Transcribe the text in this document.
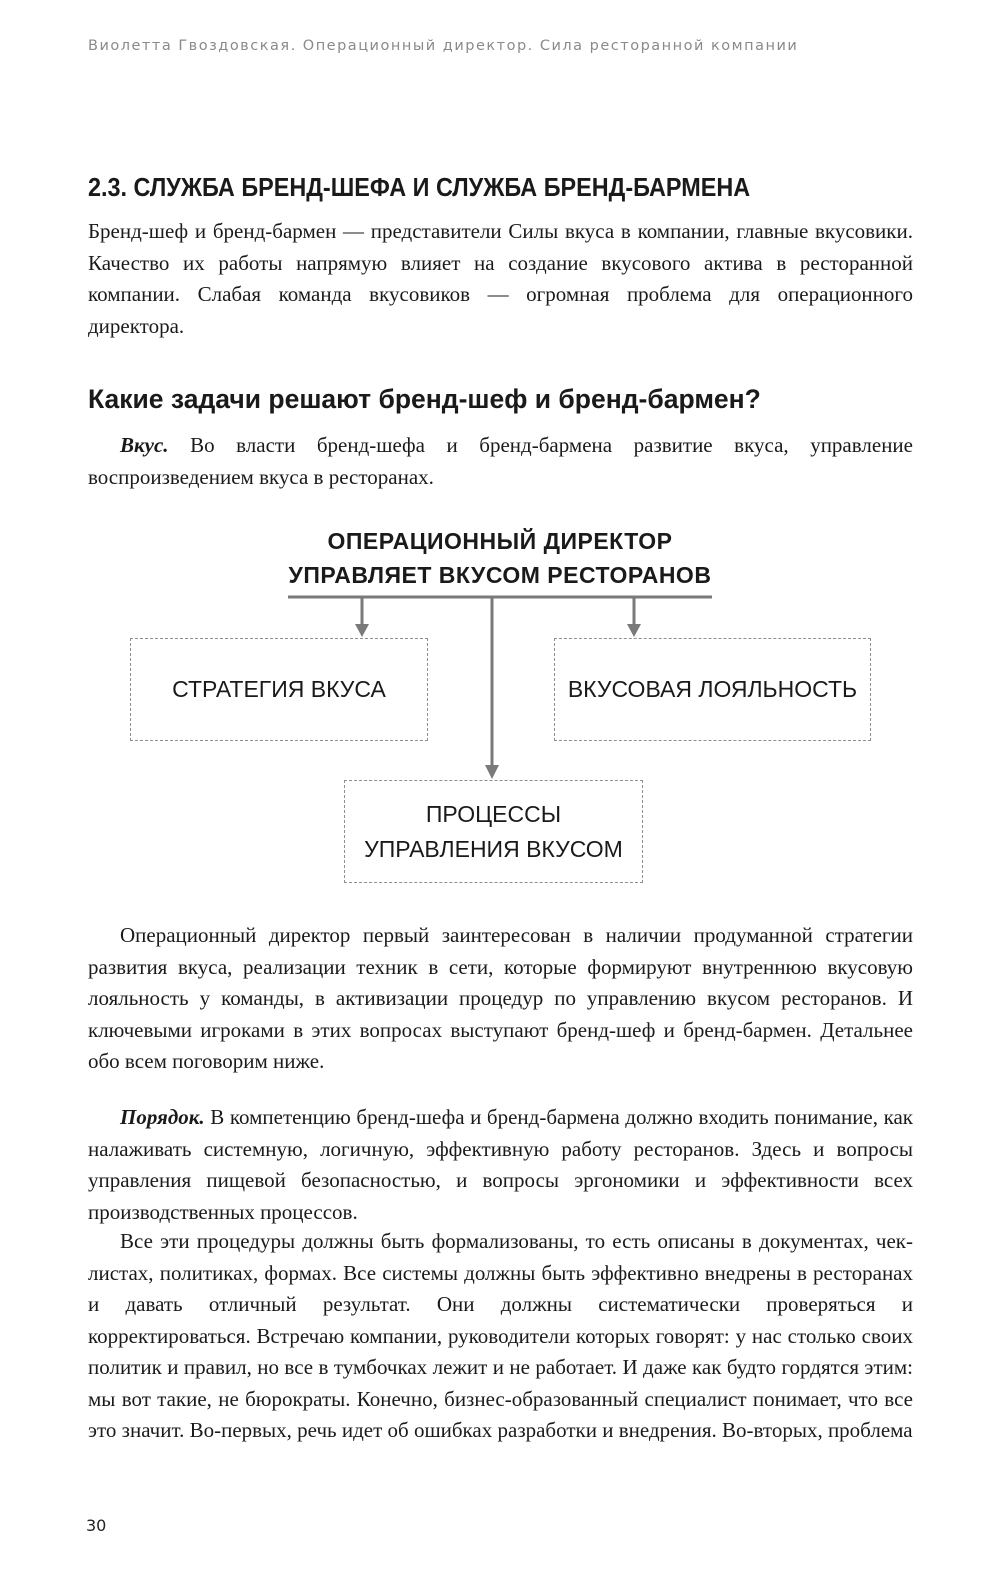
Виолетта Гвоздовская. Операционный директор. Сила ресторанной компании
2.3. СЛУЖБА БРЕНД-ШЕФА И СЛУЖБА БРЕНД-БАРМЕНА

Бренд-шеф и бренд-бармен — представители Силы вкуса в компании, главные вкусовики. Качество их работы напрямую влияет на создание вкусового актива в ресторанной компании. Слабая команда вкусовиков — огромная проблема для операционного директора.

Какие задачи решают бренд-шеф и бренд-бармен?

Вкус. Во власти бренд-шефа и бренд-бармена развитие вкуса, управление воспроизведением вкуса в ресторанах.

ОПЕРАЦИОННЫЙ ДИРЕКТОР
УПРАВЛЯЕТ ВКУСОМ РЕСТОРАНОВ
СТРАТЕГИЯ ВКУСА	ВКУСОВАЯ ЛОЯЛЬНОСТЬ
ПРОЦЕССЫ
УПРАВЛЕНИЯ ВКУСОМ

Операционный директор первый заинтересован в наличии продуманной стратегии развития вкуса, реализации техник в сети, которые формируют внутреннюю вкусовую лояльность у команды, в активизации процедур по управлению вкусом ресторанов. И ключевыми игроками в этих вопросах выступают бренд-шеф и бренд-бармен. Детальнее обо всем поговорим ниже.

Порядок. В компетенцию бренд-шефа и бренд-бармена должно входить понимание, как налаживать системную, логичную, эффективную работу ресторанов. Здесь и вопросы управления пищевой безопасностью, и вопросы эргономики и эффективности всех производственных процессов.

Все эти процедуры должны быть формализованы, то есть описаны в документах, чек-листах, политиках, формах. Все системы должны быть эффективно внедрены в ресторанах и давать отличный результат. Они должны систематически проверяться и корректироваться. Встречаю компании, руководители которых говорят: у нас столько своих политик и правил, но все в тумбочках лежит и не работает. И даже как будто гордятся этим: мы вот такие, не бюрократы. Конечно, бизнес-образованный специалист понимает, что все это значит. Во-первых, речь идет об ошибках разработки и внедрения. Во-вторых, проблема

30
